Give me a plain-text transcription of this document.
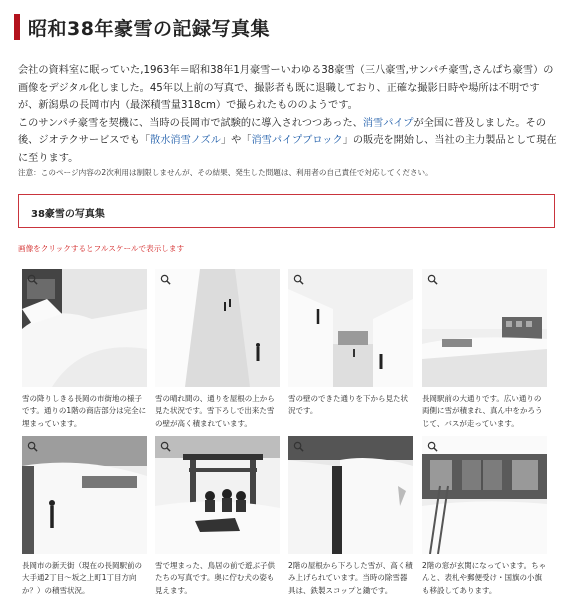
昭和38年豪雪の記録写真集
会社の資料室に眠っていた,1963年＝昭和38年1月豪雪ーいわゆる38豪雪（三八豪雪,サンパチ豪雪,さんぱち豪雪）の画像をデジタル化しました。45年以上前の写真で、撮影者も既に退職しており、正確な撮影日時や場所は不明ですが、新潟県の長岡市内（最深積雪量318cm）で撮られたもののようです。
このサンパチ豪雪を契機に、当時の長岡市で試験的に導入されつつあった、消雪パイプが全国に普及しました。その後、ジオテクサービスでも「散水消雪ノズル」や「消雪パイプブロック」の販売を開始し、当社の主力製品として現在に至ります。
注意：このページ内容の2次利用は制限しませんが、その結果、発生した問題は、利用者の自己責任で対応してください。
38豪雪の写真集
画像をクリックするとフルスケールで表示します
雪の降りしきる長岡の市街地の様子です。通りの1階の商店部分は完全に埋まっています。
雪の晴れ間の、通りを屋根の上から見た状況です。雪下ろしで出来た雪の壁が高く積まれています。
雪の壁のできた通りを下から見た状況です。
長岡駅前の大通りです。広い通りの両側に雪が積まれ、真ん中をかろうじて、バスが走っています。
長岡市の新天街（現在の長岡駅前の大手通2丁目〜坂之上町1丁目方向か？）の積雪状況。
雪で埋まった、鳥居の前で遊ぶ子供たちの写真です。奥に佇む犬の姿も見えます。
2階の屋根から下ろした雪が、高く積み上げられています。当時の除雪器具は、鉄製スコップと鋤です。
2階の窓が玄関になっています。ちゃんと、表札や郵便受け・国旗の小旗も移設してあります。
